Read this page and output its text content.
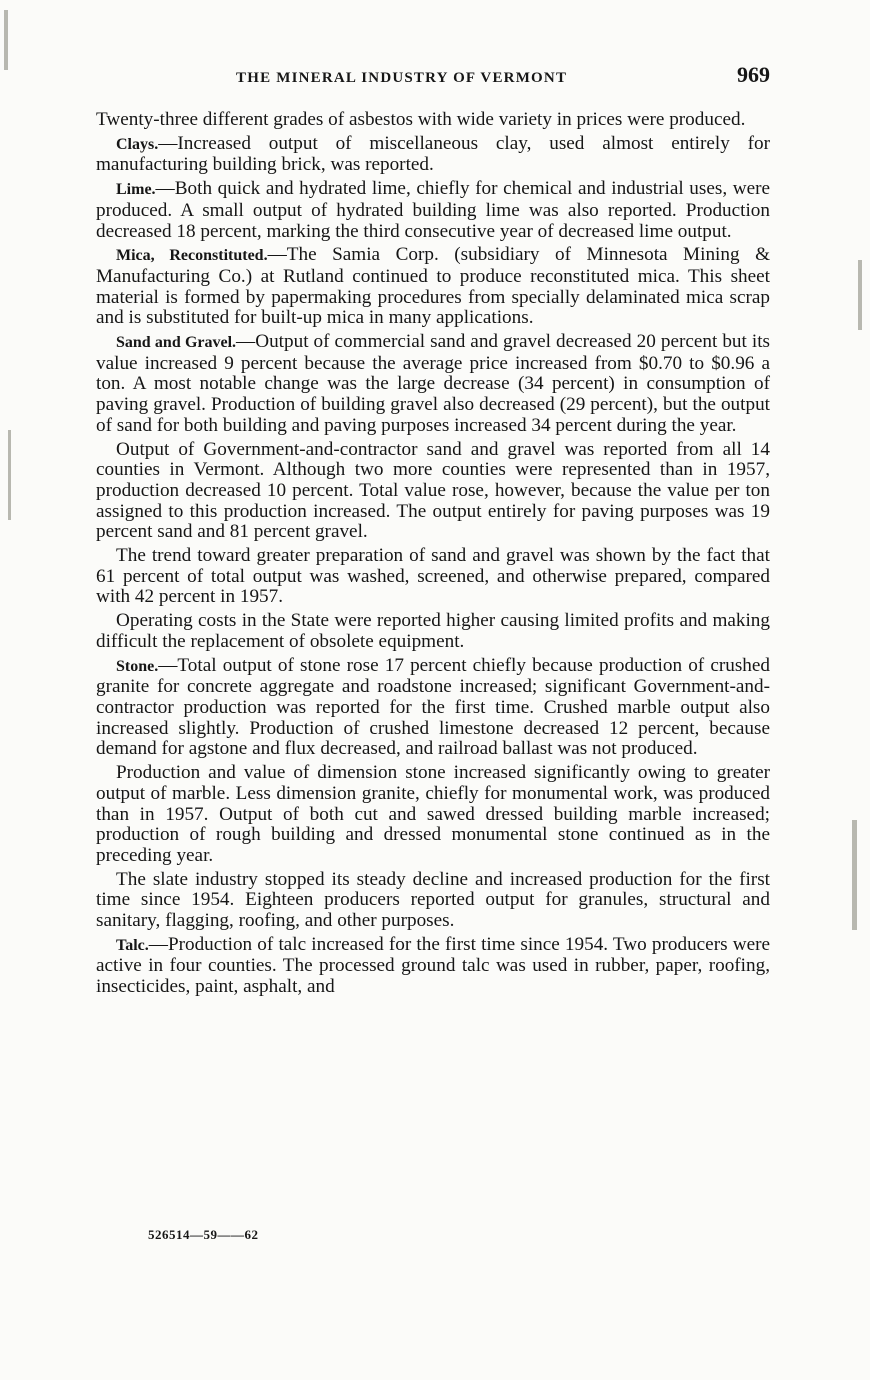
THE MINERAL INDUSTRY OF VERMONT	969

Twenty-three different grades of asbestos with wide variety in prices were produced.

Clays.—Increased output of miscellaneous clay, used almost entirely for manufacturing building brick, was reported.

Lime.—Both quick and hydrated lime, chiefly for chemical and industrial uses, were produced. A small output of hydrated building lime was also reported. Production decreased 18 percent, marking the third consecutive year of decreased lime output.

Mica, Reconstituted.—The Samia Corp. (subsidiary of Minnesota Mining & Manufacturing Co.) at Rutland continued to produce reconstituted mica. This sheet material is formed by papermaking procedures from specially delaminated mica scrap and is substituted for built-up mica in many applications.

Sand and Gravel.—Output of commercial sand and gravel decreased 20 percent but its value increased 9 percent because the average price increased from $0.70 to $0.96 a ton. A most notable change was the large decrease (34 percent) in consumption of paving gravel. Production of building gravel also decreased (29 percent), but the output of sand for both building and paving purposes increased 34 percent during the year.

Output of Government-and-contractor sand and gravel was reported from all 14 counties in Vermont. Although two more counties were represented than in 1957, production decreased 10 percent. Total value rose, however, because the value per ton assigned to this production increased. The output entirely for paving purposes was 19 percent sand and 81 percent gravel.

The trend toward greater preparation of sand and gravel was shown by the fact that 61 percent of total output was washed, screened, and otherwise prepared, compared with 42 percent in 1957.

Operating costs in the State were reported higher causing limited profits and making difficult the replacement of obsolete equipment.

Stone.—Total output of stone rose 17 percent chiefly because production of crushed granite for concrete aggregate and roadstone increased; significant Government-and-contractor production was reported for the first time. Crushed marble output also increased slightly. Production of crushed limestone decreased 12 percent, because demand for agstone and flux decreased, and railroad ballast was not produced.

Production and value of dimension stone increased significantly owing to greater output of marble. Less dimension granite, chiefly for monumental work, was produced than in 1957. Output of both cut and sawed dressed building marble increased; production of rough building and dressed monumental stone continued as in the preceding year.

The slate industry stopped its steady decline and increased production for the first time since 1954. Eighteen producers reported output for granules, structural and sanitary, flagging, roofing, and other purposes.

Talc.—Production of talc increased for the first time since 1954. Two producers were active in four counties. The processed ground talc was used in rubber, paper, roofing, insecticides, paint, asphalt, and

526514—59——62
